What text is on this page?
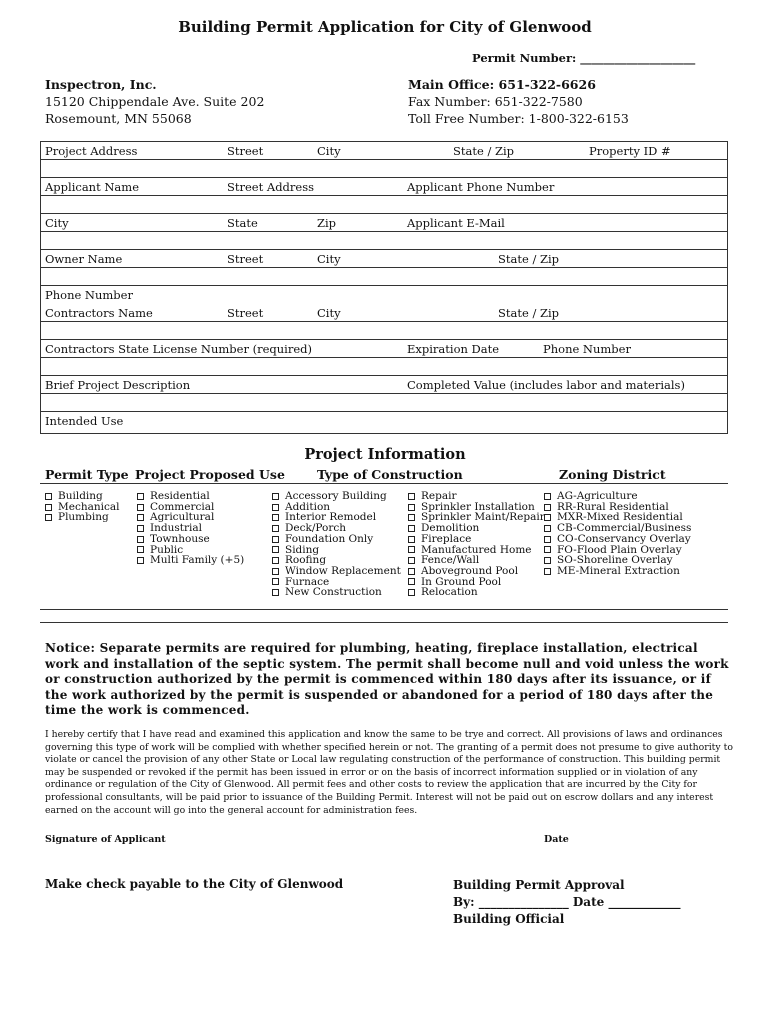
Building Permit Application for City of Glenwood
Permit Number: ____________________
Inspectron, Inc.
15120 Chippendale Ave. Suite 202
Rosemount, MN 55068
Main Office: 651-322-6626
Fax Number: 651-322-7580
Toll Free Number: 1-800-322-6153
Project Address	Street	City	State / Zip	Property ID #
Applicant Name	Street Address	Applicant Phone Number
City	State	Zip	Applicant E-Mail
Owner Name	Street	City	State / Zip
Phone Number
Contractors Name	Street	City	State / Zip
Contractors State License Number (required)	Expiration Date	Phone Number
Brief Project Description	Completed Value (includes labor and materials)
Intended Use
Project Information
Permit Type Project Proposed Use	Type of Construction	Zoning District
Building
Mechanical
Plumbing
Residential
Commercial
Agricultural
Industrial
Townhouse
Public
Multi Family (+5)
Accessory Building
Addition
Interior Remodel
Deck/Porch
Foundation Only
Siding
Roofing
Window Replacement
Furnace
New Construction
Repair
Sprinkler Installation
Sprinkler Maint/Repair
Demolition
Fireplace
Manufactured Home
Fence/Wall
Aboveground Pool
In Ground Pool
Relocation
AG-Agriculture
RR-Rural Residential
MXR-Mixed Residential
CB-Commercial/Business
CO-Conservancy Overlay
FO-Flood Plain Overlay
SO-Shoreline Overlay
ME-Mineral Extraction
Notice: Separate permits are required for plumbing, heating, fireplace installation, electrical work and installation of the septic system. The permit shall become null and void unless the work or construction authorized by the permit is commenced within 180 days after its issuance, or if the work authorized by the permit is suspended or abandoned for a period of 180 days after the time the work is commenced.
I hereby certify that I have read and examined this application and know the same to be trye and correct. All provisions of laws and ordinances governing this type of work will be complied with whether specified herein or not. The granting of a permit does not presume to give authority to violate or cancel the provision of any other State or Local law regulating construction of the performance of construction. This building permit may be suspended or revoked if the permit has been issued in error or on the basis of incorrect information supplied or in violation of any ordinance or regulation of the City of Glenwood. All permit fees and other costs to review the application that are incurred by the City for professional consultants, will be paid prior to issuance of the Building Permit. Interest will not be paid out on escrow dollars and any interest earned on the account will go into the general account for administration fees.
Signature of Applicant	Date
Make check payable to the City of Glenwood	Building Permit Approval
By: _______________ Date ____________
Building Official
